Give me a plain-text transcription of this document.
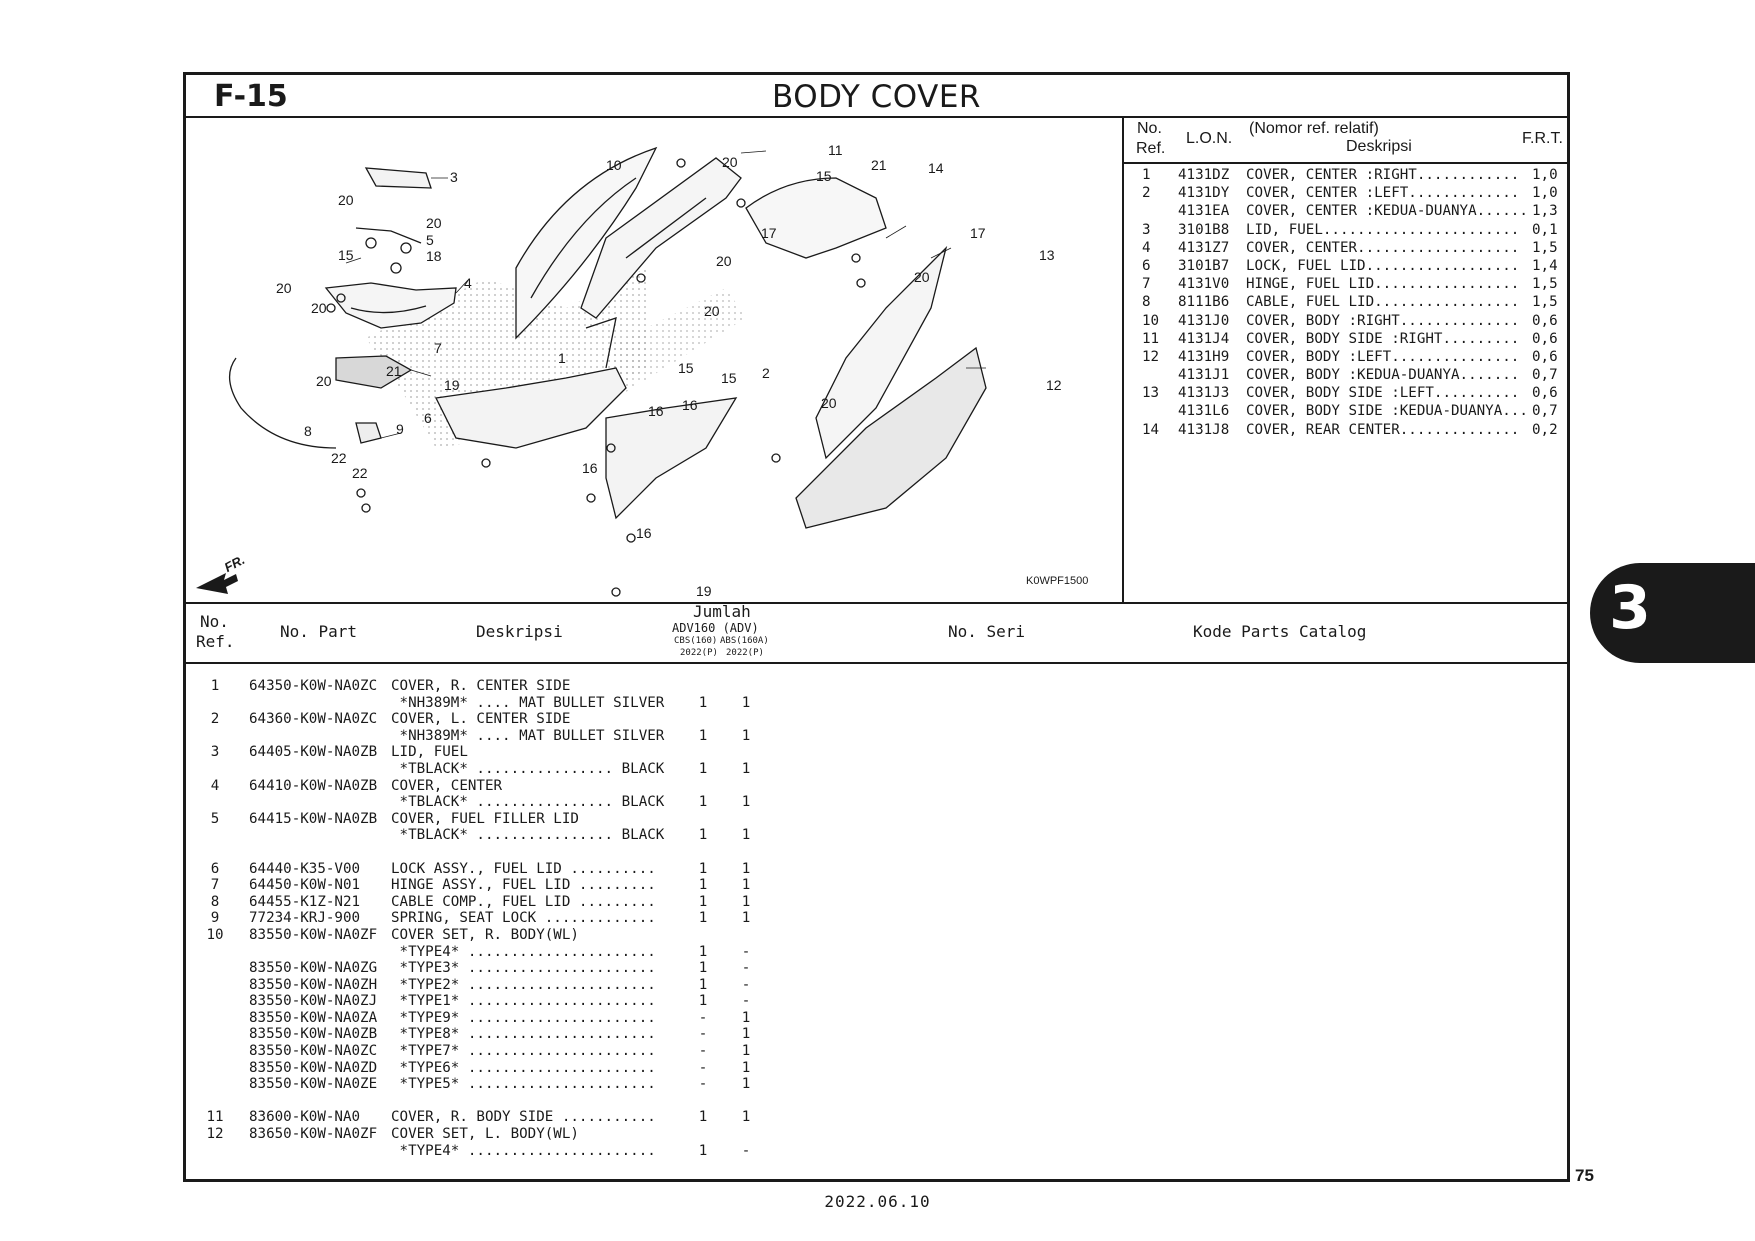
F-15	BODY COVER
3
20
20
5
15	18
4
20
20
7
21
20	19
6
8	9
22
22
10	20
11
15
21	14
17
20
20
17
20
13
1
15
15 2
16 16
16
20
12
16
19
FR.
K0WPF1500
No.
Ref.
L.O.N.
(Nomor ref. relatif)
Deskripsi	F.R.T.
1 4131DZ COVER, CENTER :RIGHT............ 1,0
2 4131DY COVER, CENTER :LEFT............. 1,0
4131EA COVER, CENTER :KEDUA-DUANYA...... 1,3
3 3101B8 LID, FUEL....................... 0,1
4 4131Z7 COVER, CENTER................... 1,5
6 3101B7 LOCK, FUEL LID.................. 1,4
7 4131V0 HINGE, FUEL LID................. 1,5
8 8111B6 CABLE, FUEL LID................. 1,5
10 4131J0 COVER, BODY :RIGHT.............. 0,6
11 4131J4 COVER, BODY SIDE :RIGHT......... 0,6
12 4131H9 COVER, BODY :LEFT............... 0,6
4131J1 COVER, BODY :KEDUA-DUANYA....... 0,7
13 4131J3 COVER, BODY SIDE :LEFT.......... 0,6
4131L6 COVER, BODY SIDE :KEDUA-DUANYA... 0,7
14 4131J8 COVER, REAR CENTER.............. 0,2
No.
Ref.
No. Part	Deskripsi
Jumlah
ADV160 (ADV)
CBS(160) ABS(160A)
2022(P) 2022(P)
No. Seri	Kode Parts Catalog
1	64350-K0W-NA0ZC COVER, R. CENTER SIDE
*NH389M* .... MAT BULLET SILVER 1 1
2	64360-K0W-NA0ZC COVER, L. CENTER SIDE
*NH389M* .... MAT BULLET SILVER 1 1
3	64405-K0W-NA0ZB LID, FUEL
*TBLACK* ................ BLACK 1 1
4	64410-K0W-NA0ZB COVER, CENTER
*TBLACK* ................ BLACK 1 1
5	64415-K0W-NA0ZB COVER, FUEL FILLER LID
*TBLACK* ................ BLACK 1 1
6	64440-K35-V00 LOCK ASSY., FUEL LID ..........	1 1
7	64450-K0W-N01 HINGE ASSY., FUEL LID .........	1 1
8	64455-K1Z-N21 CABLE COMP., FUEL LID .........	1 1
9	77234-KRJ-900 SPRING, SEAT LOCK .............	1 1
10	83550-K0W-NA0ZF COVER SET, R. BODY(WL)
*TYPE4* ......................	1 -
83550-K0W-NA0ZG *TYPE3* ......................	1 -
83550-K0W-NA0ZH *TYPE2* ......................	1 -
83550-K0W-NA0ZJ *TYPE1* ......................	1 -
83550-K0W-NA0ZA *TYPE9* ......................	- 1
83550-K0W-NA0ZB *TYPE8* ......................	- 1
83550-K0W-NA0ZC *TYPE7* ......................	- 1
83550-K0W-NA0ZD *TYPE6* ......................	- 1
83550-K0W-NA0ZE *TYPE5* ......................	- 1
11	83600-K0W-NA0 COVER, R. BODY SIDE ...........	1 1
12	83650-K0W-NA0ZF COVER SET, L. BODY(WL)
*TYPE4* ......................	1 -
3
75
2022.06.10
